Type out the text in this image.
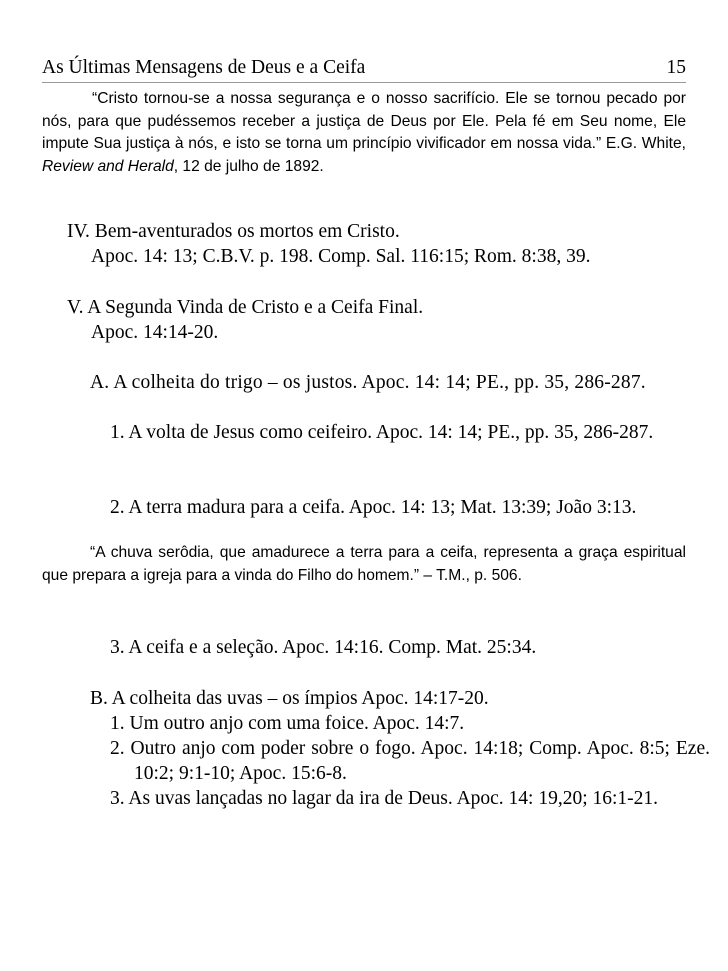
As Últimas Mensagens de Deus e a Ceifa	15
“Cristo tornou-se a nossa segurança e o nosso sacrifício. Ele se tornou pecado por nós, para que pudéssemos receber a justiça de Deus por Ele. Pela fé em Seu nome, Ele impute Sua justiça à nós, e isto se torna um princípio vivificador em nossa vida.” E.G. White, Review and Herald, 12 de julho de 1892.
IV. Bem-aventurados os mortos em Cristo.
Apoc. 14: 13; C.B.V. p. 198. Comp. Sal. 116:15; Rom. 8:38, 39.
V. A Segunda Vinda de Cristo e a Ceifa Final.
Apoc. 14:14-20.
A. A colheita do trigo – os justos. Apoc. 14: 14; PE., pp. 35, 286-287.
1. A volta de Jesus como ceifeiro. Apoc. 14: 14; PE., pp. 35, 286-287.
2. A terra madura para a ceifa. Apoc. 14: 13; Mat. 13:39; João 3:13.
“A chuva serôdia, que amadurece a terra para a ceifa, representa a graça espiritual que prepara a igreja para a vinda do Filho do homem.” – T.M., p. 506.
3. A ceifa e a seleção. Apoc. 14:16. Comp. Mat. 25:34.
B. A colheita das uvas – os ímpios Apoc. 14:17-20.
1. Um outro anjo com uma foice. Apoc. 14:7.
2. Outro anjo com poder sobre o fogo. Apoc. 14:18; Comp. Apoc. 8:5; Eze. 10:2; 9:1-10; Apoc. 15:6-8.
3. As uvas lançadas no lagar da ira de Deus. Apoc. 14: 19,20; 16:1-21.
